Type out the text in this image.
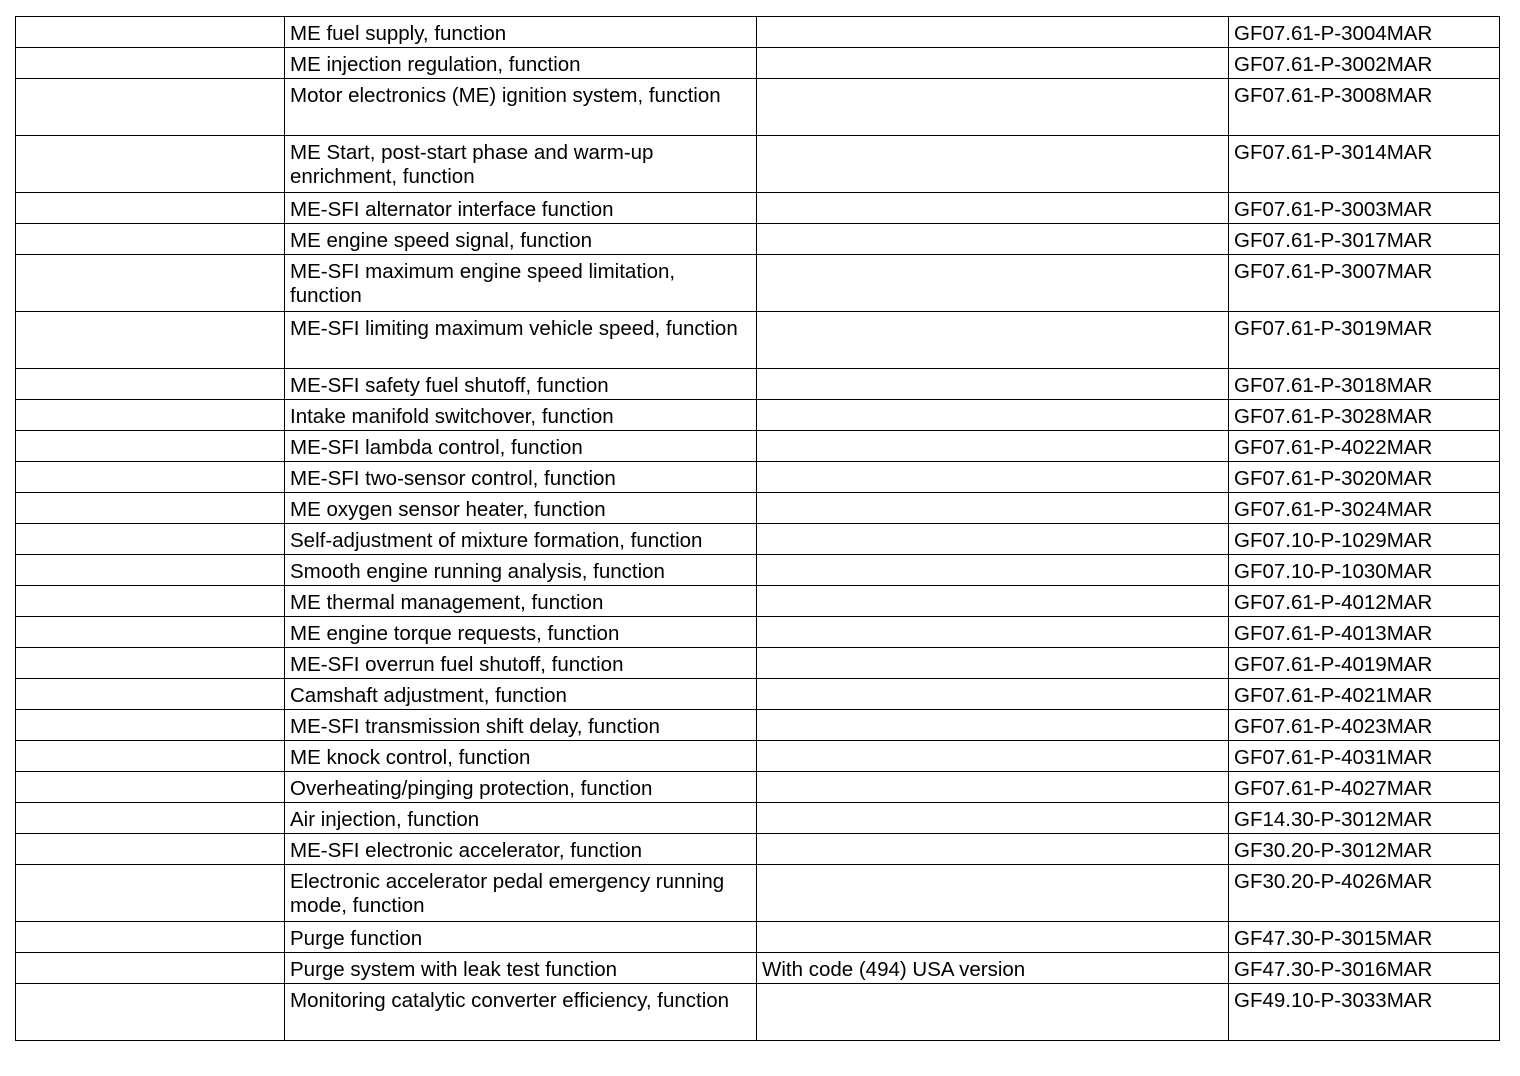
	ME fuel supply, function		GF07.61-P-3004MAR
	ME injection regulation, function		GF07.61-P-3002MAR
	Motor electronics (ME) ignition system, function		GF07.61-P-3008MAR
	ME Start, post-start phase and warm-up enrichment, function		GF07.61-P-3014MAR
	ME-SFI alternator interface function		GF07.61-P-3003MAR
	ME engine speed signal, function		GF07.61-P-3017MAR
	ME-SFI maximum engine speed limitation, function		GF07.61-P-3007MAR
	ME-SFI limiting maximum vehicle speed, function		GF07.61-P-3019MAR
	ME-SFI safety fuel shutoff, function		GF07.61-P-3018MAR
	Intake manifold switchover, function		GF07.61-P-3028MAR
	ME-SFI lambda control, function		GF07.61-P-4022MAR
	ME-SFI two-sensor control, function		GF07.61-P-3020MAR
	ME oxygen sensor heater, function		GF07.61-P-3024MAR
	Self-adjustment of mixture formation, function		GF07.10-P-1029MAR
	Smooth engine running analysis, function		GF07.10-P-1030MAR
	ME thermal management, function		GF07.61-P-4012MAR
	ME engine torque requests, function		GF07.61-P-4013MAR
	ME-SFI overrun fuel shutoff, function		GF07.61-P-4019MAR
	Camshaft adjustment, function		GF07.61-P-4021MAR
	ME-SFI transmission shift delay, function		GF07.61-P-4023MAR
	ME knock control, function		GF07.61-P-4031MAR
	Overheating/pinging protection, function		GF07.61-P-4027MAR
	Air injection, function		GF14.30-P-3012MAR
	ME-SFI electronic accelerator, function		GF30.20-P-3012MAR
	Electronic accelerator pedal emergency running mode, function		GF30.20-P-4026MAR
	Purge function		GF47.30-P-3015MAR
	Purge system with leak test function	With code (494) USA version	GF47.30-P-3016MAR
	Monitoring catalytic converter efficiency, function		GF49.10-P-3033MAR
